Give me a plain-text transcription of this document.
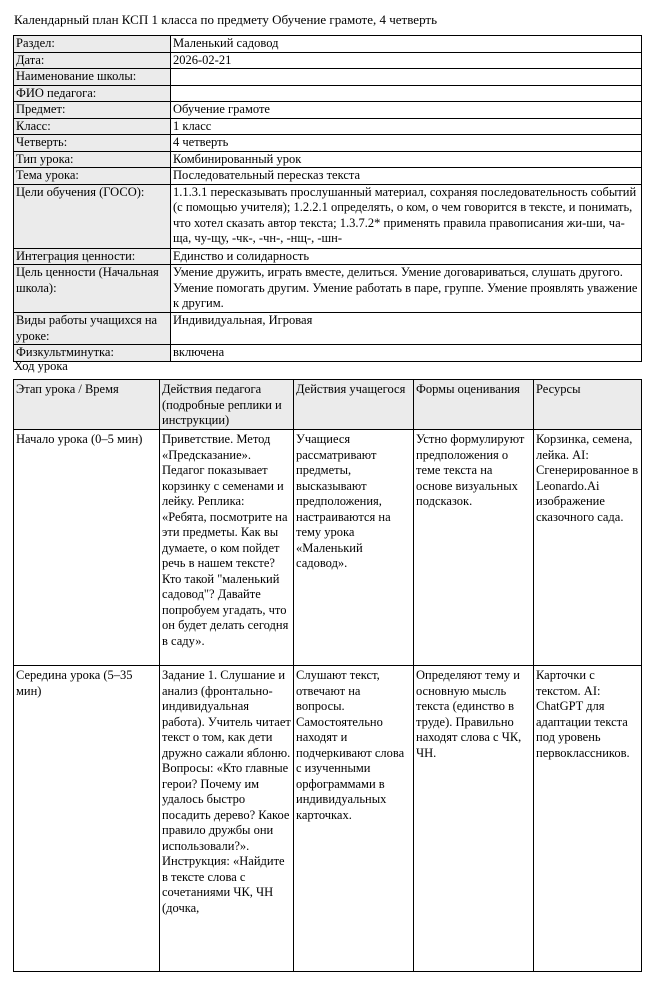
Календарный план КСП 1 класса по предмету Обучение грамоте, 4 четверть
Раздел:	Маленький садовод
Дата:	2026-02-21
Наименование школы:	
ФИО педагога:	
Предмет:	Обучение грамоте
Класс:	1 класс
Четверть:	4 четверть
Тип урока:	Комбинированный урок
Тема урока:	Последовательный пересказ текста
Цели обучения (ГОСО):	1.1.3.1 пересказывать прослушанный материал, сохраняя последовательность событий (с помощью учителя); 1.2.2.1 определять, о ком, о чем говорится в тексте, и понимать, что хотел сказать автор текста; 1.3.7.2* применять правила правописания жи-ши, ча-ща, чу-щу, -чк-, -чн-, -нщ-, -шн-
Интеграция ценности:	Единство и солидарность
Цель ценности (Начальная школа):	Умение дружить, играть вместе, делиться. Умение договариваться, слушать другого. Умение помогать другим. Умение работать в паре, группе. Умение проявлять уважение к другим.
Виды работы учащихся на уроке:	Индивидуальная, Игровая
Физкультминутка:	включена
Ход урока
Этап урока / Время	Действия педагога (подробные реплики и инструкции)	Действия учащегося	Формы оценивания	Ресурсы
Начало урока (0–5 мин)	Приветствие. Метод «Предсказание». Педагог показывает корзинку с семенами и лейку. Реплика: «Ребята, посмотрите на эти предметы. Как вы думаете, о ком пойдет речь в нашем тексте? Кто такой "маленький садовод"? Давайте попробуем угадать, что он будет делать сегодня в саду».	Учащиеся рассматривают предметы, высказывают предположения, настраиваются на тему урока «Маленький садовод».	Устно формулируют предположения о теме текста на основе визуальных подсказок.	Корзинка, семена, лейка. AI: Сгенерированное в Leonardo.Ai изображение сказочного сада.
Середина урока (5–35 мин)	Задание 1. Слушание и анализ (фронтально-индивидуальная работа). Учитель читает текст о том, как дети дружно сажали яблоню. Вопросы: «Кто главные герои? Почему им удалось быстро посадить дерево? Какое правило дружбы они использовали?». Инструкция: «Найдите в тексте слова с сочетаниями ЧК, ЧН (дочка,	Слушают текст, отвечают на вопросы. Самостоятельно находят и подчеркивают слова с изученными орфограммами в индивидуальных карточках.	Определяют тему и основную мысль текста (единство в труде). Правильно находят слова с ЧК, ЧН.	Карточки с текстом. AI: ChatGPT для адаптации текста под уровень первоклассников.
